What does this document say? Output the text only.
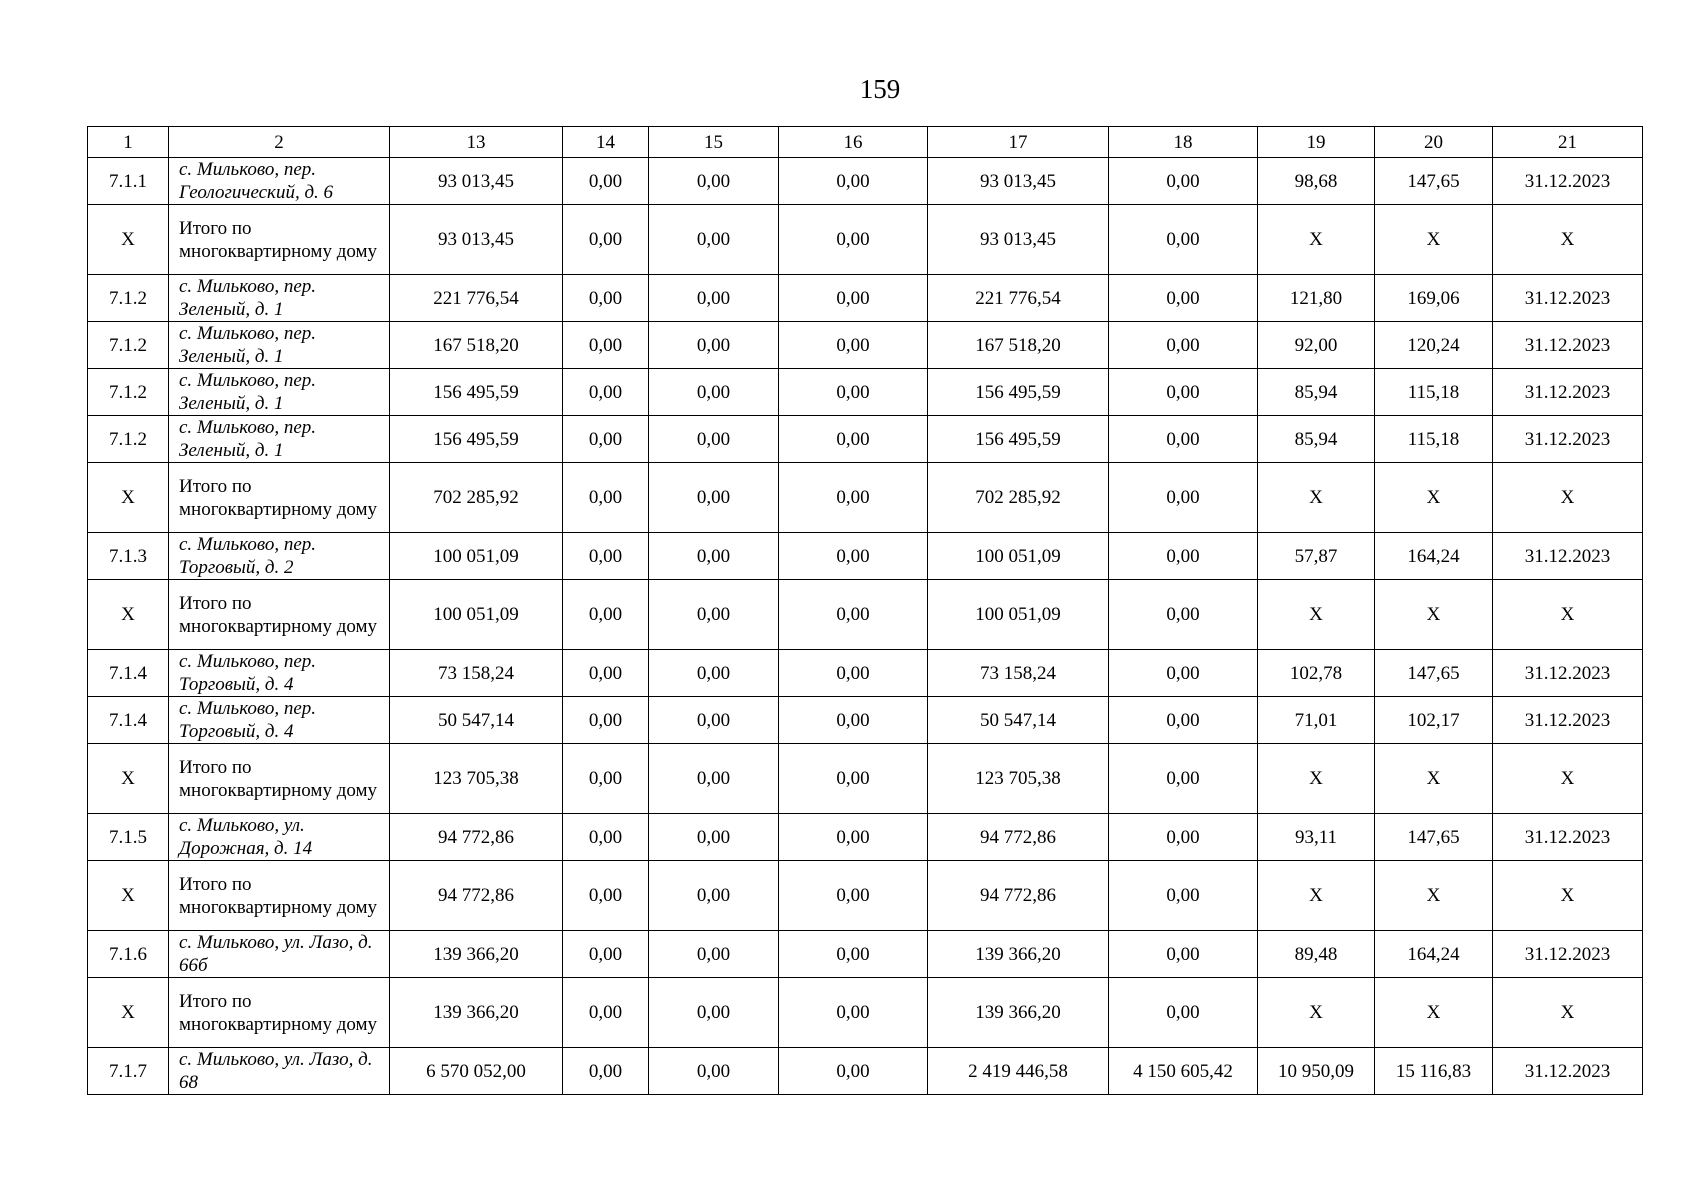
159
1	2	13	14	15	16	17	18	19	20	21
7.1.1	с. Мильково, пер. Геологический, д. 6	93 013,45	0,00	0,00	0,00	93 013,45	0,00	98,68	147,65	31.12.2023
X	Итого по многоквартирному дому	93 013,45	0,00	0,00	0,00	93 013,45	0,00	X	X	X
7.1.2	с. Мильково, пер. Зеленый, д. 1	221 776,54	0,00	0,00	0,00	221 776,54	0,00	121,80	169,06	31.12.2023
7.1.2	с. Мильково, пер. Зеленый, д. 1	167 518,20	0,00	0,00	0,00	167 518,20	0,00	92,00	120,24	31.12.2023
7.1.2	с. Мильково, пер. Зеленый, д. 1	156 495,59	0,00	0,00	0,00	156 495,59	0,00	85,94	115,18	31.12.2023
7.1.2	с. Мильково, пер. Зеленый, д. 1	156 495,59	0,00	0,00	0,00	156 495,59	0,00	85,94	115,18	31.12.2023
X	Итого по многоквартирному дому	702 285,92	0,00	0,00	0,00	702 285,92	0,00	X	X	X
7.1.3	с. Мильково, пер. Торговый, д. 2	100 051,09	0,00	0,00	0,00	100 051,09	0,00	57,87	164,24	31.12.2023
X	Итого по многоквартирному дому	100 051,09	0,00	0,00	0,00	100 051,09	0,00	X	X	X
7.1.4	с. Мильково, пер. Торговый, д. 4	73 158,24	0,00	0,00	0,00	73 158,24	0,00	102,78	147,65	31.12.2023
7.1.4	с. Мильково, пер. Торговый, д. 4	50 547,14	0,00	0,00	0,00	50 547,14	0,00	71,01	102,17	31.12.2023
X	Итого по многоквартирному дому	123 705,38	0,00	0,00	0,00	123 705,38	0,00	X	X	X
7.1.5	с. Мильково, ул. Дорожная, д. 14	94 772,86	0,00	0,00	0,00	94 772,86	0,00	93,11	147,65	31.12.2023
X	Итого по многоквартирному дому	94 772,86	0,00	0,00	0,00	94 772,86	0,00	X	X	X
7.1.6	с. Мильково, ул. Лазо, д. 66б	139 366,20	0,00	0,00	0,00	139 366,20	0,00	89,48	164,24	31.12.2023
X	Итого по многоквартирному дому	139 366,20	0,00	0,00	0,00	139 366,20	0,00	X	X	X
7.1.7	с. Мильково, ул. Лазо, д. 68	6 570 052,00	0,00	0,00	0,00	2 419 446,58	4 150 605,42	10 950,09	15 116,83	31.12.2023
